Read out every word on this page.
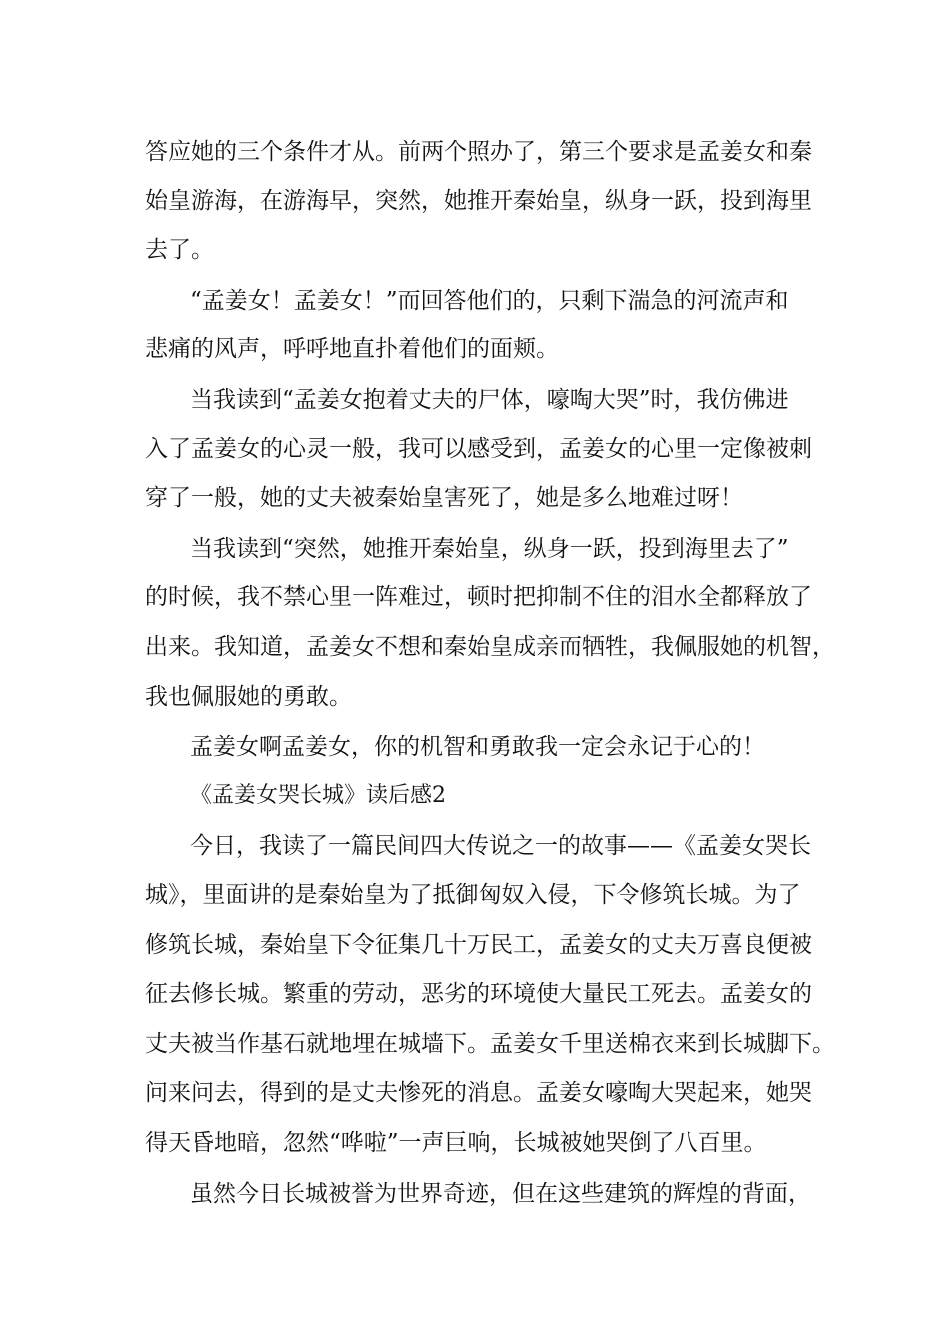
答应她的三个条件才从。前两个照办了，第三个要求是孟姜女和秦
始皇游海，在游海早，突然，她推开秦始皇，纵身一跃，投到海里
去了。
“孟姜女！孟姜女！”而回答他们的，只剩下湍急的河流声和
悲痛的风声，呼呼地直扑着他们的面颊。
当我读到“孟姜女抱着丈夫的尸体，嚎啕大哭”时，我仿佛进
入了孟姜女的心灵一般，我可以感受到，孟姜女的心里一定像被刺
穿了一般，她的丈夫被秦始皇害死了，她是多么地难过呀！
当我读到“突然，她推开秦始皇，纵身一跃，投到海里去了”
的时候，我不禁心里一阵难过，顿时把抑制不住的泪水全都释放了
出来。我知道，孟姜女不想和秦始皇成亲而牺牲，我佩服她的机智，
我也佩服她的勇敢。
孟姜女啊孟姜女，你的机智和勇敢我一定会永记于心的！
《孟姜女哭长城》读后感2
今日，我读了一篇民间四大传说之一的故事——《孟姜女哭长
城》，里面讲的是秦始皇为了抵御匈奴入侵，下令修筑长城。为了
修筑长城，秦始皇下令征集几十万民工，孟姜女的丈夫万喜良便被
征去修长城。繁重的劳动，恶劣的环境使大量民工死去。孟姜女的
丈夫被当作基石就地埋在城墙下。孟姜女千里送棉衣来到长城脚下。
问来问去，得到的是丈夫惨死的消息。孟姜女嚎啕大哭起来，她哭
得天昏地暗，忽然“哗啦”一声巨响，长城被她哭倒了八百里。
虽然今日长城被誉为世界奇迹，但在这些建筑的辉煌的背面，
